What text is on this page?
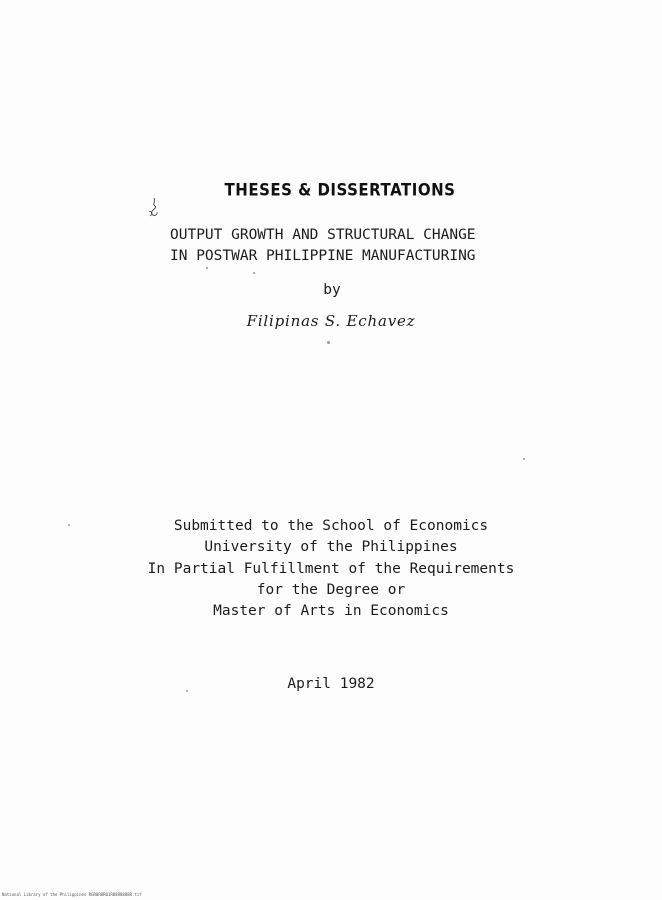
THESES & DISSERTATIONS
OUTPUT GROWTH AND STRUCTURAL CHANGE
IN POSTWAR PHILIPPINE MANUFACTURING
by
Filipinas S. Echavez
Submitted to the School of Economics
University of the Philippines
In Partial Fulfillment of the Requirements
for the Degree or
Master of Arts in Economics
April 1982
National Library of the Philippines RGR0R8R01R88R8888R.tif
